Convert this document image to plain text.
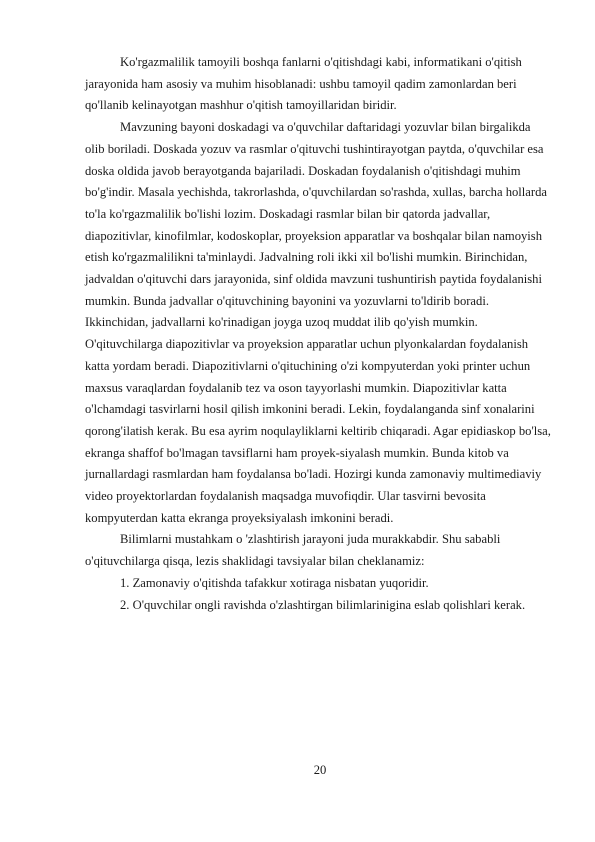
Ko'rgazmalilik tamoyili boshqa fanlarni o'qitishdagi kabi, informatikani o'qitish jarayonida ham asosiy va muhim hisoblanadi: ushbu tamoyil qadim zamonlardan beri qo'llanib kelinayotgan mashhur o'qitish tamoyillaridan biridir.

Mavzuning bayoni doskadagi va o'quvchilar daftaridagi yozuvlar bilan birgalikda olib boriladi. Doskada yozuv va rasmlar o'qituvchi tushintirayotgan paytda, o'quvchilar esa doska oldida javob berayotganda bajariladi. Doskadan foydalanish o'qitishdagi muhim bo'g'indir. Masala yechishda, takrorlashda, o'quvchilardan so'rashda, xullas, barcha hollarda to'la ko'rgazmalilik bo'lishi lozim. Doskadagi rasmlar bilan bir qatorda jadvallar, diapozitivlar, kinofilmlar, kodoskoplar, proyeksion apparatlar va boshqalar bilan namoyish etish ko'rgazmalilikni ta'minlaydi. Jadvalning roli ikki xil bo'lishi mumkin. Birinchidan, jadvaldan o'qituvchi dars jarayonida, sinf oldida mavzuni tushuntirish paytida foydalanishi mumkin. Bunda jadvallar o'qituvchining bayonini va yozuvlarni to'ldirib boradi. Ikkinchidan, jadvallarni ko'rinadigan joyga uzoq muddat ilib qo'yish mumkin. O'qituvchilarga diapozitivlar va proyeksion apparatlar uchun plyonkalardan foydalanish katta yordam beradi. Diapozitivlarni o'qituchining o'zi kompyuterdan yoki printer uchun maxsus varaqlardan foydalanib tez va oson tayyorlashi mumkin. Diapozitivlar katta o'lchamdagi tasvirlarni hosil qilish imkonini beradi. Lekin, foydalanganda sinf xonalarini qorong'ilatish kerak. Bu esa ayrim noqulayliklarni keltirib chiqaradi. Agar epidiaskop bo'lsa, ekranga shaffof bo'lmagan tavsiflarni ham proyek-siyalash mumkin. Bunda kitob va jurnallardagi rasmlardan ham foydalansa bo'ladi. Hozirgi kunda zamonaviy multimediaviy video proyektorlardan foydalanish maqsadga muvofiqdir. Ular tasvirni bevosita kompyuterdan katta ekranga proyeksiyalash imkonini beradi.

Bilimlarni mustahkam o 'zlashtirish jarayoni juda murakkabdir. Shu sababli o'qituvchilarga qisqa, lezis shaklidagi tavsiyalar bilan cheklanamiz:

1. Zamonaviy o'qitishda tafakkur xotiraga nisbatan yuqoridir.

2. O'quvchilar ongli ravishda o'zlashtirgan bilimlarinigina eslab qolishlari kerak.

20
